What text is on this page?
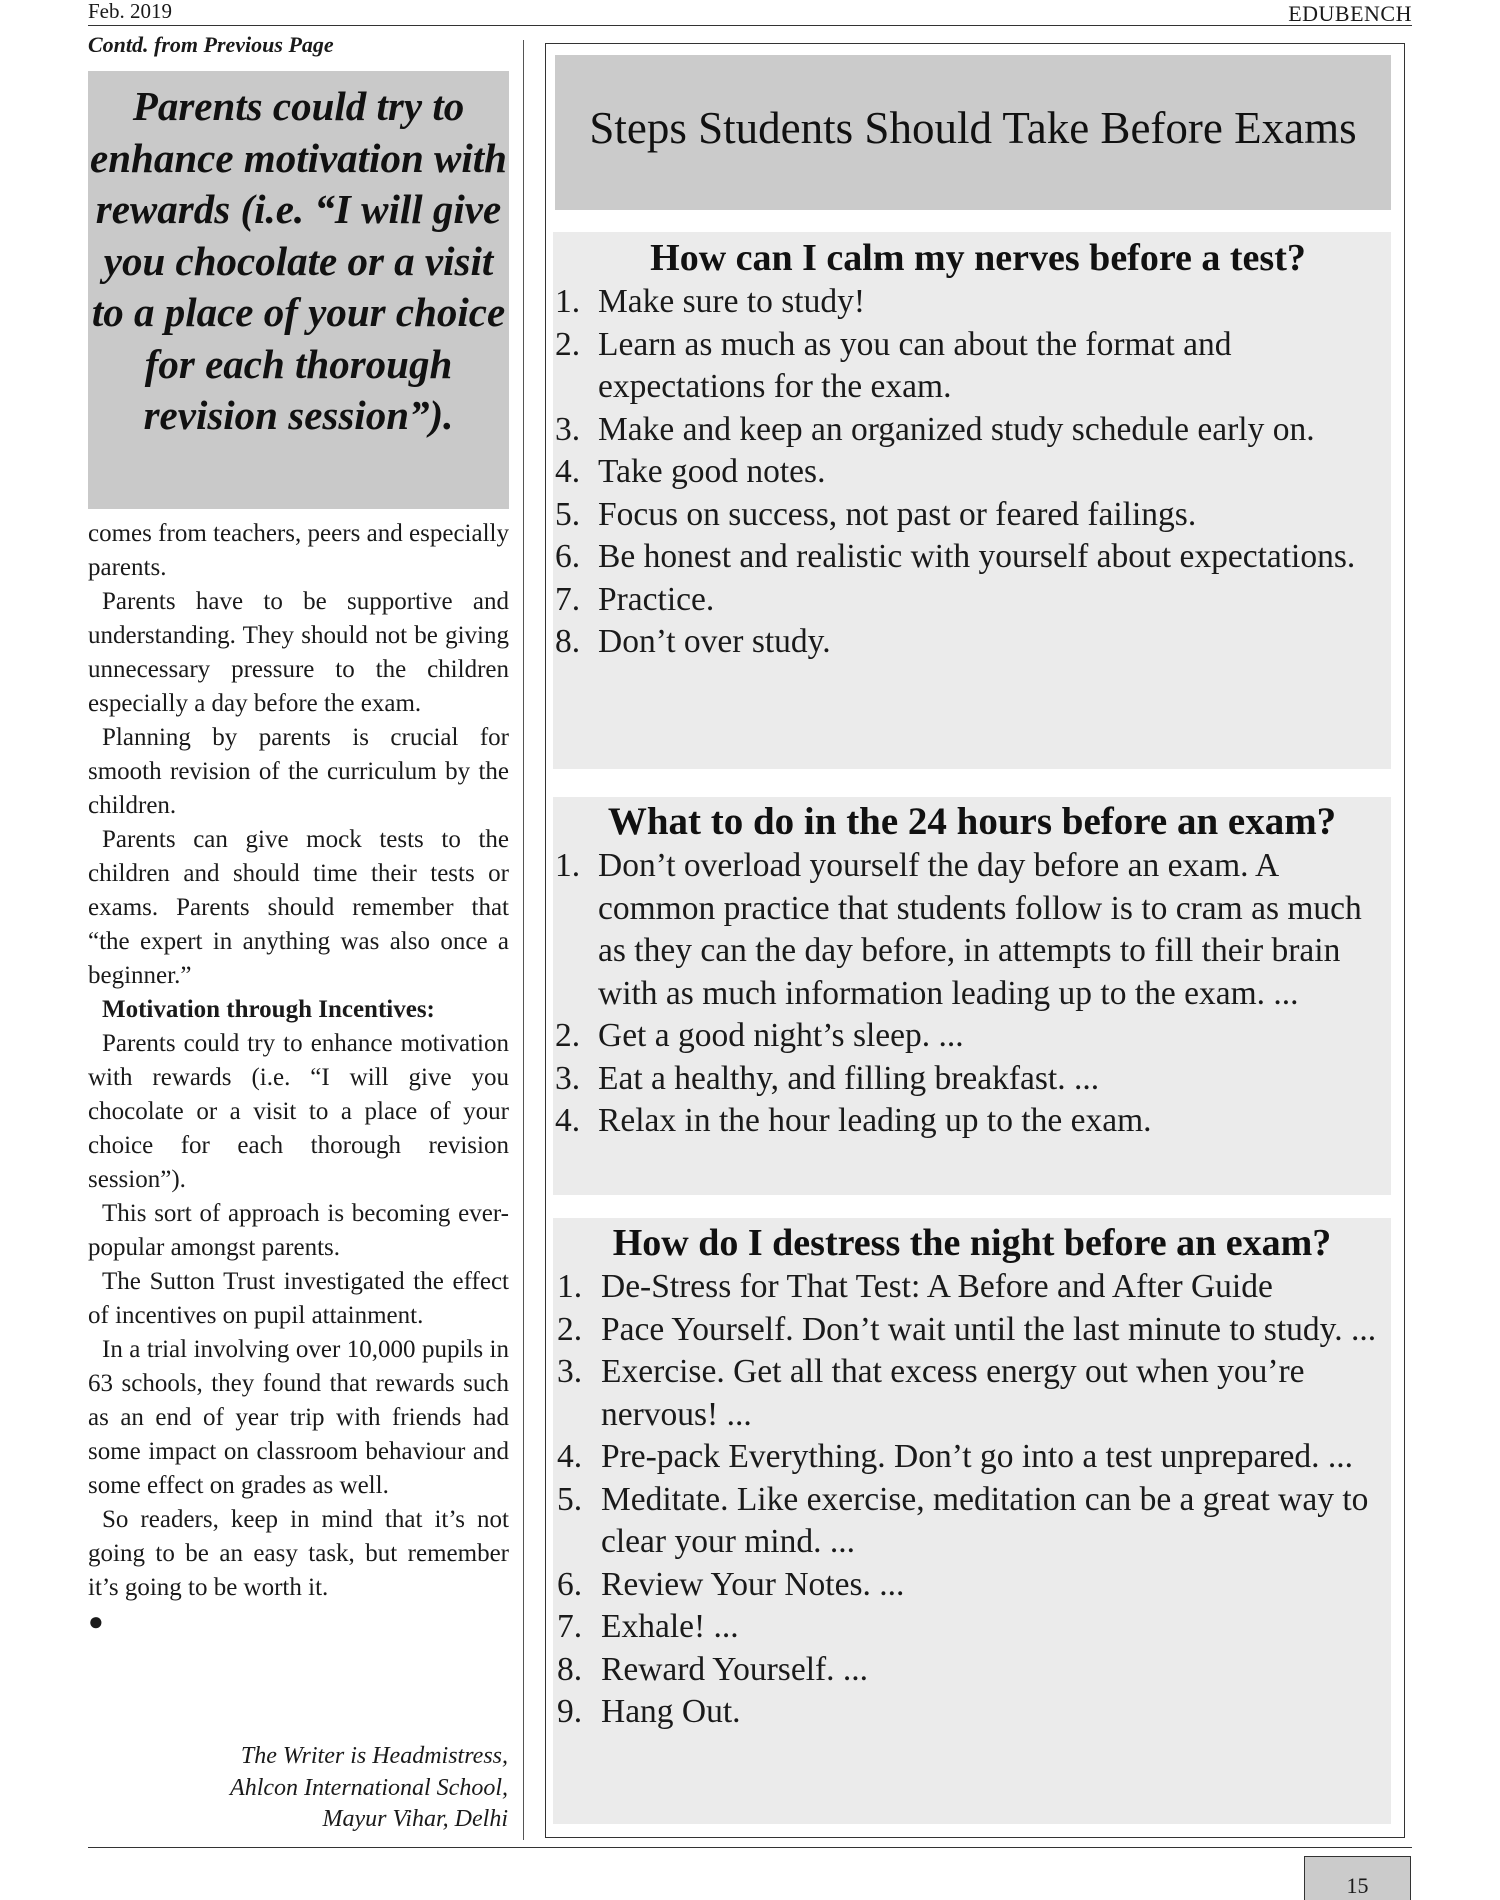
Feb. 2019	EDUBENCH
Contd. from Previous Page

Parents could try to enhance motivation with rewards (i.e. “I will give you chocolate or a visit to a place of your choice for each thorough revision session”).

comes from teachers, peers and especially parents.

Parents have to be supportive and understanding. They should not be giving unnecessary pressure to the children especially a day before the exam.

Planning by parents is crucial for smooth revision of the curriculum by the children.

Parents can give mock tests to the children and should time their tests or exams. Parents should remember that “the expert in anything was also once a beginner.”

Motivation through Incentives:

Parents could try to enhance motivation with rewards (i.e. “I will give you chocolate or a visit to a place of your choice for each thorough revision session”).

This sort of approach is becoming ever-popular amongst parents.

The Sutton Trust investigated the effect of incentives on pupil attainment.

In a trial involving over 10,000 pupils in 63 schools, they found that rewards such as an end of year trip with friends had some impact on classroom behaviour and some effect on grades as well.

So readers, keep in mind that it’s not going to be an easy task, but remember it’s going to be worth it.

●
The Writer is Headmistress,
Ahlcon International School,
Mayur Vihar, Delhi
Steps Students Should Take Before Exams
How can I calm my nerves before a test?
1. Make sure to study!
2. Learn as much as you can about the format and expectations for the exam.
3. Make and keep an organized study schedule early on.
4. Take good notes.
5. Focus on success, not past or feared failings.
6. Be honest and realistic with yourself about expectations.
7. Practice.
8. Don’t over study.
What to do in the 24 hours before an exam?
1. Don’t overload yourself the day before an exam. A common practice that students follow is to cram as much as they can the day before, in attempts to fill their brain with as much information leading up to the exam. ...
2. Get a good night’s sleep. ...
3. Eat a healthy, and filling breakfast. ...
4. Relax in the hour leading up to the exam.
How do I destress the night before an exam?
1. De-Stress for That Test: A Before and After Guide
2. Pace Yourself. Don’t wait until the last minute to study. ...
3. Exercise. Get all that excess energy out when you’re nervous! ...
4. Pre-pack Everything. Don’t go into a test unprepared. ...
5. Meditate. Like exercise, meditation can be a great way to clear your mind. ...
6. Review Your Notes. ...
7. Exhale! ...
8. Reward Yourself. ...
9. Hang Out.
15
